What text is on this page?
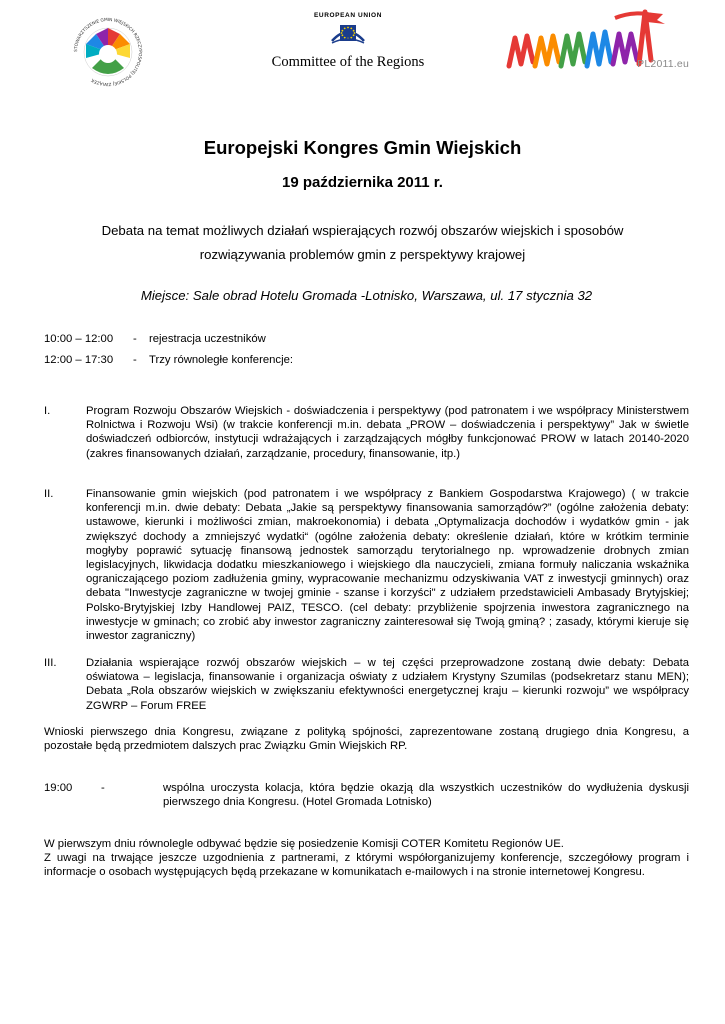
STOWARZYSZENIE GMIN WIEJSKICH RZECZYPOSPOLITEJ POLSKIEJ ZWIĄZEK
EUROPEAN UNION
Committee of the Regions	PL2011.eu
Europejski Kongres Gmin Wiejskich
19 października 2011 r.
Debata na temat możliwych działań wspierających rozwój obszarów wiejskich i sposobów
rozwiązywania problemów gmin z perspektywy krajowej
Miejsce: Sale obrad Hotelu Gromada -Lotnisko, Warszawa, ul. 17 stycznia 32
10:00 – 12:00 - rejestracja uczestników
12:00 – 17:30 - Trzy równoległe konferencje:
I.	Program Rozwoju Obszarów Wiejskich - doświadczenia i perspektywy (pod patronatem i we współpracy Ministerstwem Rolnictwa i Rozwoju Wsi) (w trakcie konferencji m.in. debata „PROW – doświadczenia i perspektywy” Jak w świetle doświadczeń odbiorców, instytucji wdrażających i zarządzających mógłby funkcjonować PROW w latach 20140-2020 (zakres finansowanych działań, zarządzanie, procedury, finansowanie, itp.)
II.	Finansowanie gmin wiejskich (pod patronatem i we współpracy z Bankiem Gospodarstwa Krajowego) ( w trakcie konferencji m.in. dwie debaty: Debata „Jakie są perspektywy finansowania samorządów?” (ogólne założenia debaty: ustawowe, kierunki i możliwości zmian, makroekonomia) i debata „Optymalizacja dochodów i wydatków gmin - jak zwiększyć dochody a zmniejszyć wydatki“ (ogólne założenia debaty: określenie działań, które w krótkim terminie mogłyby poprawić sytuację finansową jednostek samorządu terytorialnego np. wprowadzenie drobnych zmian legislacyjnych, likwidacja dodatku mieszkaniowego i wiejskiego dla nauczycieli, zmiana formuły naliczania wskaźnika ograniczającego poziom zadłużenia gminy, wypracowanie mechanizmu odzyskiwania VAT z inwestycji gminnych) oraz debata "Inwestycje zagraniczne w twojej gminie - szanse i korzyści" z udziałem przedstawicieli Ambasady Brytyjskiej; Polsko-Brytyjskiej Izby Handlowej PAIZ, TESCO. (cel debaty: przybliżenie spojrzenia inwestora zagranicznego na inwestycje w gminach; co zrobić aby inwestor zagraniczny zainteresował się Twoją gminą? ; zasady, którymi kieruje się inwestor zagraniczny)
III.	Działania wspierające rozwój obszarów wiejskich – w tej części przeprowadzone zostaną dwie debaty: Debata oświatowa – legislacja, finansowanie i organizacja oświaty z udziałem Krystyny Szumilas (podsekretarz stanu MEN); Debata „Rola obszarów wiejskich w zwiększaniu efektywności energetycznej kraju – kierunki rozwoju” we współpracy ZGWRP – Forum FREE
Wnioski pierwszego dnia Kongresu, związane z polityką spójności, zaprezentowane zostaną drugiego dnia Kongresu, a pozostałe będą przedmiotem dalszych prac Związku Gmin Wiejskich RP.
19:00	-	wspólna uroczysta kolacja, która będzie okazją dla wszystkich uczestników do wydłużenia dyskusji pierwszego dnia Kongresu. (Hotel Gromada Lotnisko)
W pierwszym dniu równolegle odbywać będzie się posiedzenie Komisji COTER Komitetu Regionów UE.
Z uwagi na trwające jeszcze uzgodnienia z partnerami, z którymi współorganizujemy konferencje, szczegółowy program i informacje o osobach występujących będą przekazane w komunikatach e-mailowych i na stronie internetowej Kongresu.
